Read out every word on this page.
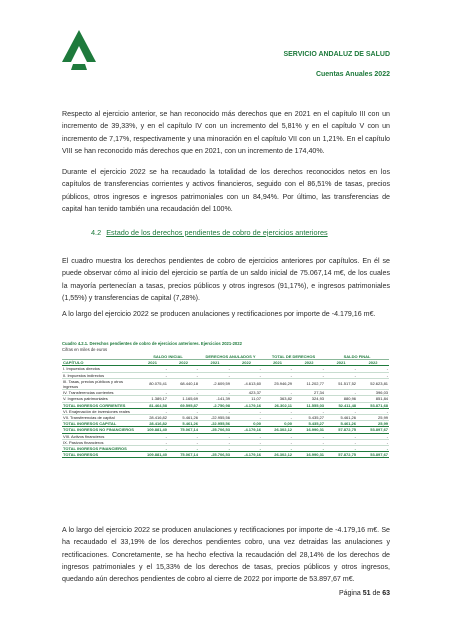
SERVICIO ANDALUZ DE SALUD
Cuentas Anuales 2022
Respecto al ejercicio anterior, se han reconocido más derechos que en 2021 en el capítulo III con un incremento de 39,33%, y en el capítulo IV con un incremento del 5,81% y en el capítulo V con un incremento de 7,17%, respectivamente y una minoración en el capítulo VII con un 1,21%. En el capítulo VIII se han reconocido más derechos que en 2021, con un incremento de 174,40%.
Durante el ejercicio 2022 se ha recaudado la totalidad de los derechos reconocidos netos en los capítulos de transferencias corrientes y activos financieros, seguido con el 86,51% de tasas, precios públicos, otros ingresos e ingresos patrimoniales con un 84,94%. Por último, las transferencias de capital han tenido también una recaudación del 100%.
4.2 Estado de los derechos pendientes de cobro de ejercicios anteriores
El cuadro muestra los derechos pendientes de cobro de ejercicios anteriores por capítulos. En él se puede observar cómo al inicio del ejercicio se partía de un saldo inicial de 75.067,14 m€, de los cuales la mayoría pertenecían a tasas, precios públicos y otros ingresos (91,17%), e ingresos patrimoniales (1,55%) y transferencias de capital (7,28%).
A lo largo del ejercicio 2022 se producen anulaciones y rectificaciones por importe de -4.179,16 m€.
Cuadro 4.2.1. Derechos pendientes de cobro de ejercicios anteriores. Ejercicios 2021-2022
Cifras en miles de euros
	SALDO INICIAL		DERECHOS ANULADOS Y		TOTAL DE DERECHOS		SALDO FINAL	
CAPÍTULO	2021	2022	2021	2022	2021	2022	2021	2022
I. Impuestos directos	-	-	-	-	-	-	-	-
II. Impuestos indirectos	-	-	-	-	-	-	-	-
III. Tasas, precios públicos y otros ingresos	80.075,41	68.440,18	-2.609,59	-4.613,60	25.946,29	11.202,77	51.517,52	52.623,81
IV. Transferencias corrientes	-	-	-	423,37	-	27,34	-	396,03
V. Ingresos patrimoniales	1.389,17	1.165,69	-141,39	11,07	363,82	324,93	880,96	851,84
TOTAL INGRESOS CORRIENTES	81.464,58	69.595,87	-2.750,98	-4.179,16	26.302,11	11.555,03	52.411,48	53.871,68
VI. Enajenación de inversiones reales	-	-	-	-	-	-	-	-
VII. Transferencias de capital	28.416,82	5.461,26	-22.955,56	-	-	5.435,27	5.461,26	25,99
TOTAL INGRESOS CAPITAL	28.416,82	5.461,26	-22.955,56	0,00	0,00	5.435,27	5.461,26	25,99
TOTAL INGRESOS NO FINANCIEROS	109.881,40	75.067,14	-25.706,53	-4.179,16	26.302,12	16.990,31	57.872,75	53.897,67
VIII. Activos financieros	-	-	-	-	-	-	-	-
IX. Pasivos financieros	-	-	-	-	-	-	-	-
TOTAL INGRESOS FINANCIEROS	-	-	-	-	-	-	-	-
TOTAL INGRESOS	109.881,40	75.067,14	-25.706,53	-4.179,16	26.302,12	16.990,31	57.872,75	53.897,67
A lo largo del ejercicio 2022 se producen anulaciones y rectificaciones por importe de -4.179,16 m€. Se ha recaudado el 33,19% de los derechos pendientes cobro, una vez detraidas las anulaciones y rectificaciones. Concretamente, se ha hecho efectiva la recaudación del 28,14% de los derechos de ingresos patrimoniales y el 15,33% de los derechos de tasas, precios públicos y otros ingresos, quedando aún derechos pendientes de cobro al cierre de 2022 por importe de 53.897,67 m€.
Página 51 de 63
